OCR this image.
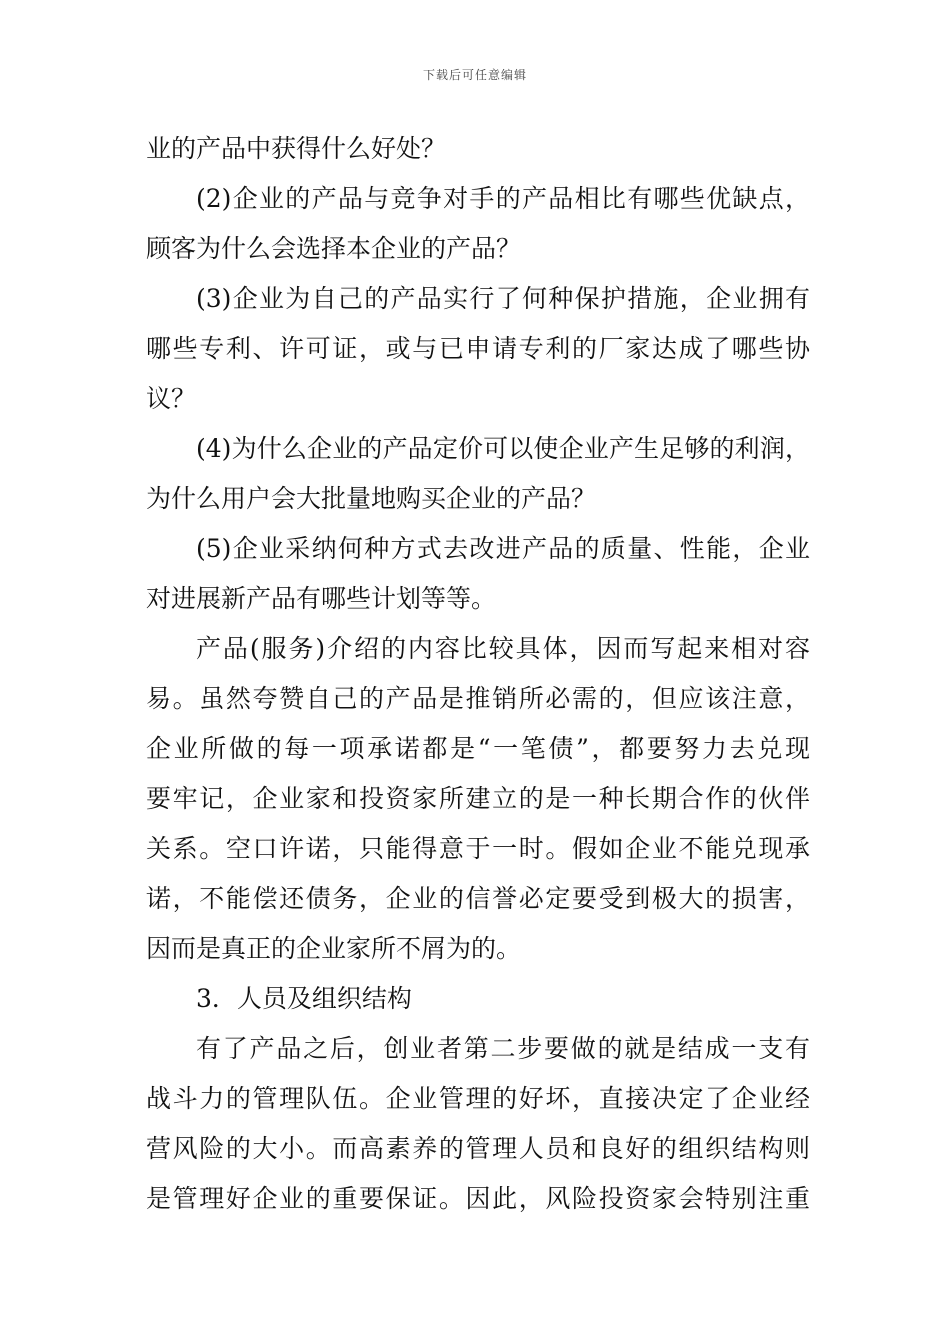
下载后可任意编辑
业的产品中获得什么好处？
(2)企业的产品与竞争对手的产品相比有哪些优缺点，
顾客为什么会选择本企业的产品？
(3)企业为自己的产品实行了何种保护措施，企业拥有
哪些专利、许可证，或与已申请专利的厂家达成了哪些协
议？
(4)为什么企业的产品定价可以使企业产生足够的利润，
为什么用户会大批量地购买企业的产品？
(5)企业采纳何种方式去改进产品的质量、性能，企业
对进展新产品有哪些计划等等。
产品(服务)介绍的内容比较具体，因而写起来相对容
易。虽然夸赞自己的产品是推销所必需的，但应该注意，
企业所做的每一项承诺都是“一笔债”，都要努力去兑现
要牢记，企业家和投资家所建立的是一种长期合作的伙伴
关系。空口许诺，只能得意于一时。假如企业不能兑现承
诺，不能偿还债务，企业的信誉必定要受到极大的损害，
因而是真正的企业家所不屑为的。
3．人员及组织结构
有了产品之后，创业者第二步要做的就是结成一支有
战斗力的管理队伍。企业管理的好坏，直接决定了企业经
营风险的大小。而高素养的管理人员和良好的组织结构则
是管理好企业的重要保证。因此，风险投资家会特别注重
